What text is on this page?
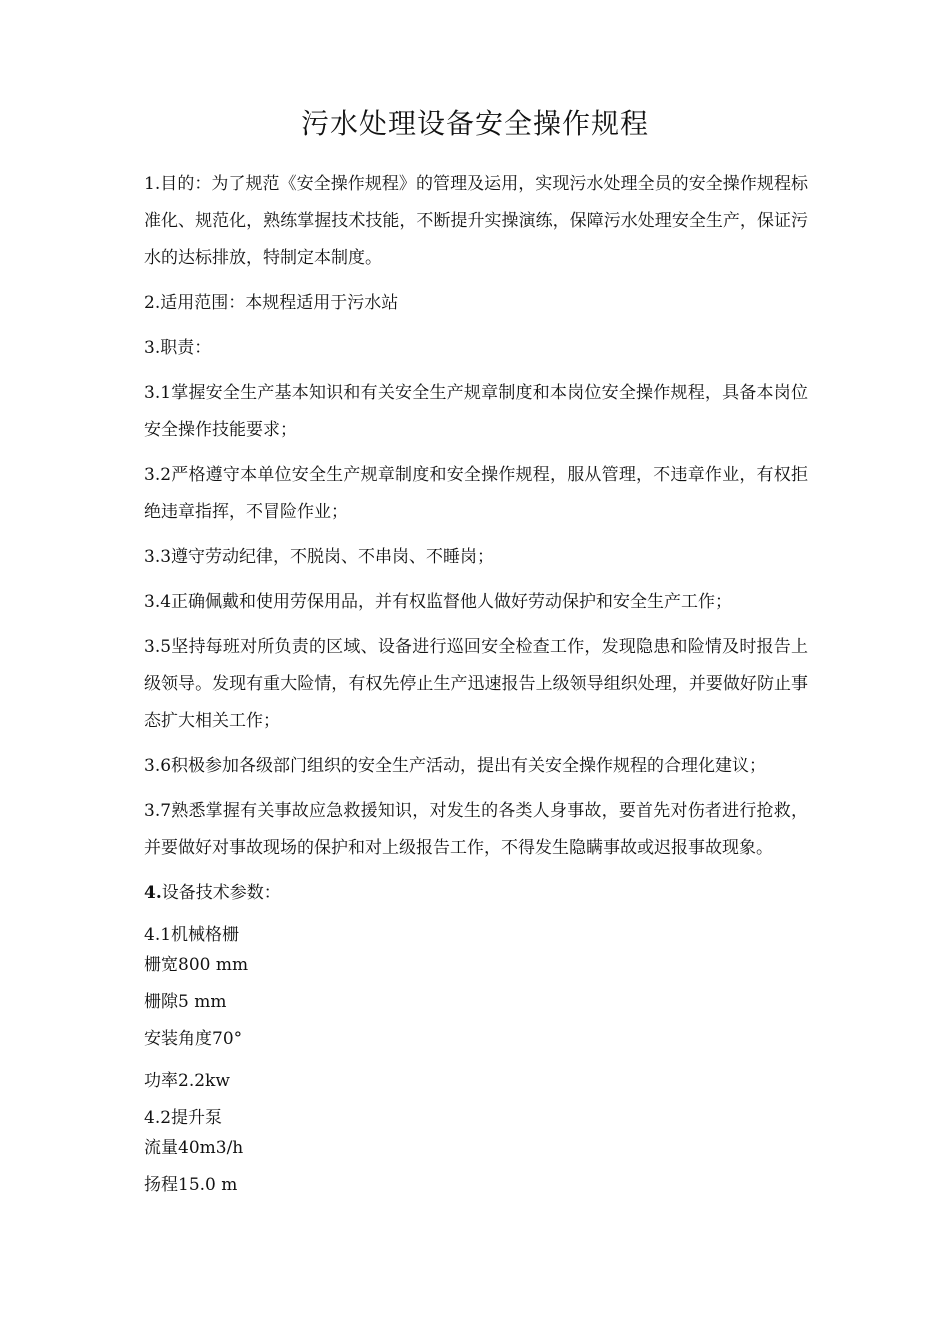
污水处理设备安全操作规程

1.目的：为了规范《安全操作规程》的管理及运用，实现污水处理全员的安全操作规程标准化、规范化，熟练掌握技术技能，不断提升实操演练，保障污水处理安全生产，保证污水的达标排放，特制定本制度。

2.适用范围：本规程适用于污水站

3.职责：

3.1掌握安全生产基本知识和有关安全生产规章制度和本岗位安全操作规程，具备本岗位安全操作技能要求；

3.2严格遵守本单位安全生产规章制度和安全操作规程，服从管理，不违章作业，有权拒绝违章指挥，不冒险作业；

3.3遵守劳动纪律，不脱岗、不串岗、不睡岗；

3.4正确佩戴和使用劳保用品，并有权监督他人做好劳动保护和安全生产工作；

3.5坚持每班对所负责的区域、设备进行巡回安全检查工作，发现隐患和险情及时报告上级领导。发现有重大险情，有权先停止生产迅速报告上级领导组织处理，并要做好防止事态扩大相关工作；

3.6积极参加各级部门组织的安全生产活动，提出有关安全操作规程的合理化建议；

3.7熟悉掌握有关事故应急救援知识，对发生的各类人身事故，要首先对伤者进行抢救，并要做好对事故现场的保护和对上级报告工作，不得发生隐瞒事故或迟报事故现象。

4.设备技术参数：

4.1机械格栅

栅宽800 mm

栅隙5 mm

安装角度70°

功率2.2kw

4.2提升泵

流量40m3/h

扬程15.0 m
